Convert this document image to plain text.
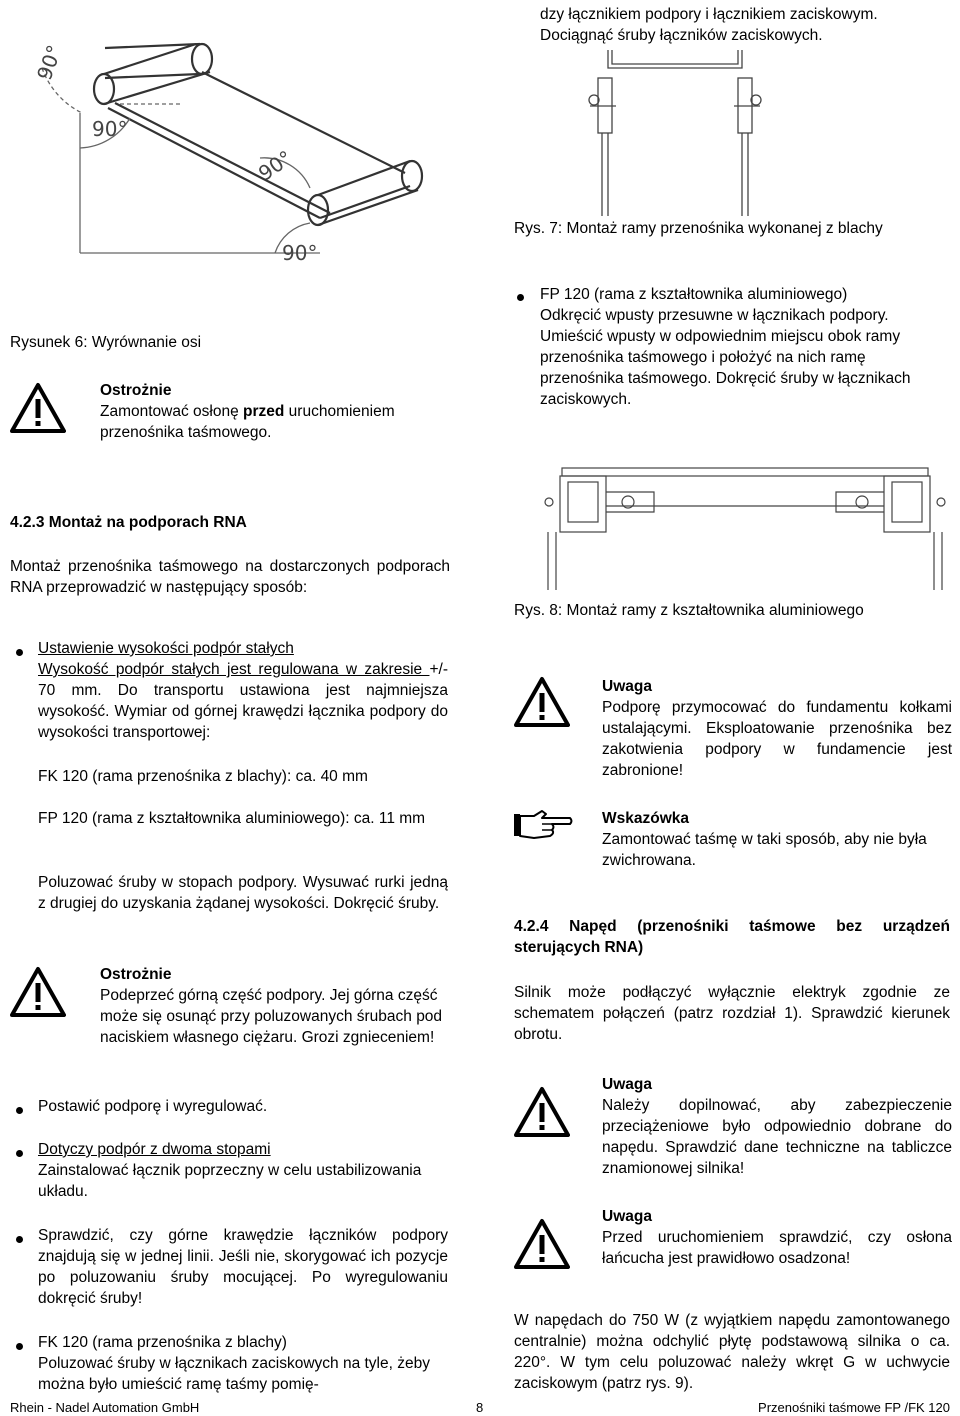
dzy łącznikiem podpory i łącznikiem zaciskowym.
Dociągnąć śruby łączników zaciskowych.
90°
90°
90°
90°
Rysunek 6: Wyrównanie osi
Rys. 7: Montaż ramy przenośnika wykonanej z blachy
Ostrożnie
Zamontować osłonę przed uruchomieniem przenośnika taśmowego.
FP 120 (rama z kształtownika aluminiowego)
Odkręcić wpusty przesuwne w łącznikach podpory. Umieścić wpusty w odpowiednim miejscu obok ramy przenośnika taśmowego i położyć na nich ramę przenośnika taśmowego. Dokręcić śruby w łącznikach zaciskowych.
Rys. 8: Montaż ramy z kształtownika aluminiowego
4.2.3 Montaż na podporach RNA
Montaż przenośnika taśmowego na dostarczonych podporach RNA przeprowadzić w następujący sposób:
Ustawienie wysokości podpór stałych
Wysokość podpór stałych jest regulowana w zakresie +/- 70 mm. Do transportu ustawiona jest najmniejsza wysokość. Wymiar od górnej krawędzi łącznika podpory do wysokości transportowej:
FK 120 (rama przenośnika z blachy): ca. 40 mm
FP 120 (rama z kształtownika aluminiowego): ca. 11 mm
Poluzować śruby w stopach podpory. Wysuwać rurki jedną z drugiej do uzyskania żądanej wysokości. Dokręcić śruby.
Ostrożnie
Podeprzeć górną część podpory. Jej górna część może się osunąć przy poluzowanych śrubach pod naciskiem własnego ciężaru. Grozi zgnieceniem!
Postawić podporę i wyregulować.
Dotyczy podpór z dwoma stopami
Zainstalować łącznik poprzeczny w celu ustabilizowania układu.
Sprawdzić, czy górne krawędzie łączników podpory znajdują się w jednej linii. Jeśli nie, skorygować ich pozycje po poluzowaniu śruby mocującej. Po wyregulowaniu dokręcić śruby!
FK 120 (rama przenośnika z blachy)
Poluzować śruby w łącznikach zaciskowych na tyle, żeby można było umieścić ramę taśmy pomię-
Uwaga
Podporę przymocować do fundamentu kołkami ustalającymi. Eksploatowanie przenośnika bez zakotwienia podpory w fundamencie jest zabronione!
Wskazówka
Zamontować taśmę w taki sposób, aby nie była zwichrowana.
4.2.4 Napęd (przenośniki taśmowe bez urządzeń sterujących RNA)
Silnik może podłączyć wyłącznie elektryk zgodnie ze schematem połączeń (patrz rozdział 1). Sprawdzić kierunek obrotu.
Uwaga
Należy dopilnować, aby zabezpieczenie przeciążeniowe było odpowiednio dobrane do napędu. Sprawdzić dane techniczne na tabliczce znamionowej silnika!
Uwaga
Przed uruchomieniem sprawdzić, czy osłona łańcucha jest prawidłowo osadzona!
W napędach do 750 W (z wyjątkiem napędu zamontowanego centralnie) można odchylić płytę podstawową silnika o ca. 220°. W tym celu poluzować należy wkręt G w uchwycie zaciskowym (patrz rys. 9).
Rhein - Nadel Automation GmbH	8	Przenośniki taśmowe FP /FK 120
